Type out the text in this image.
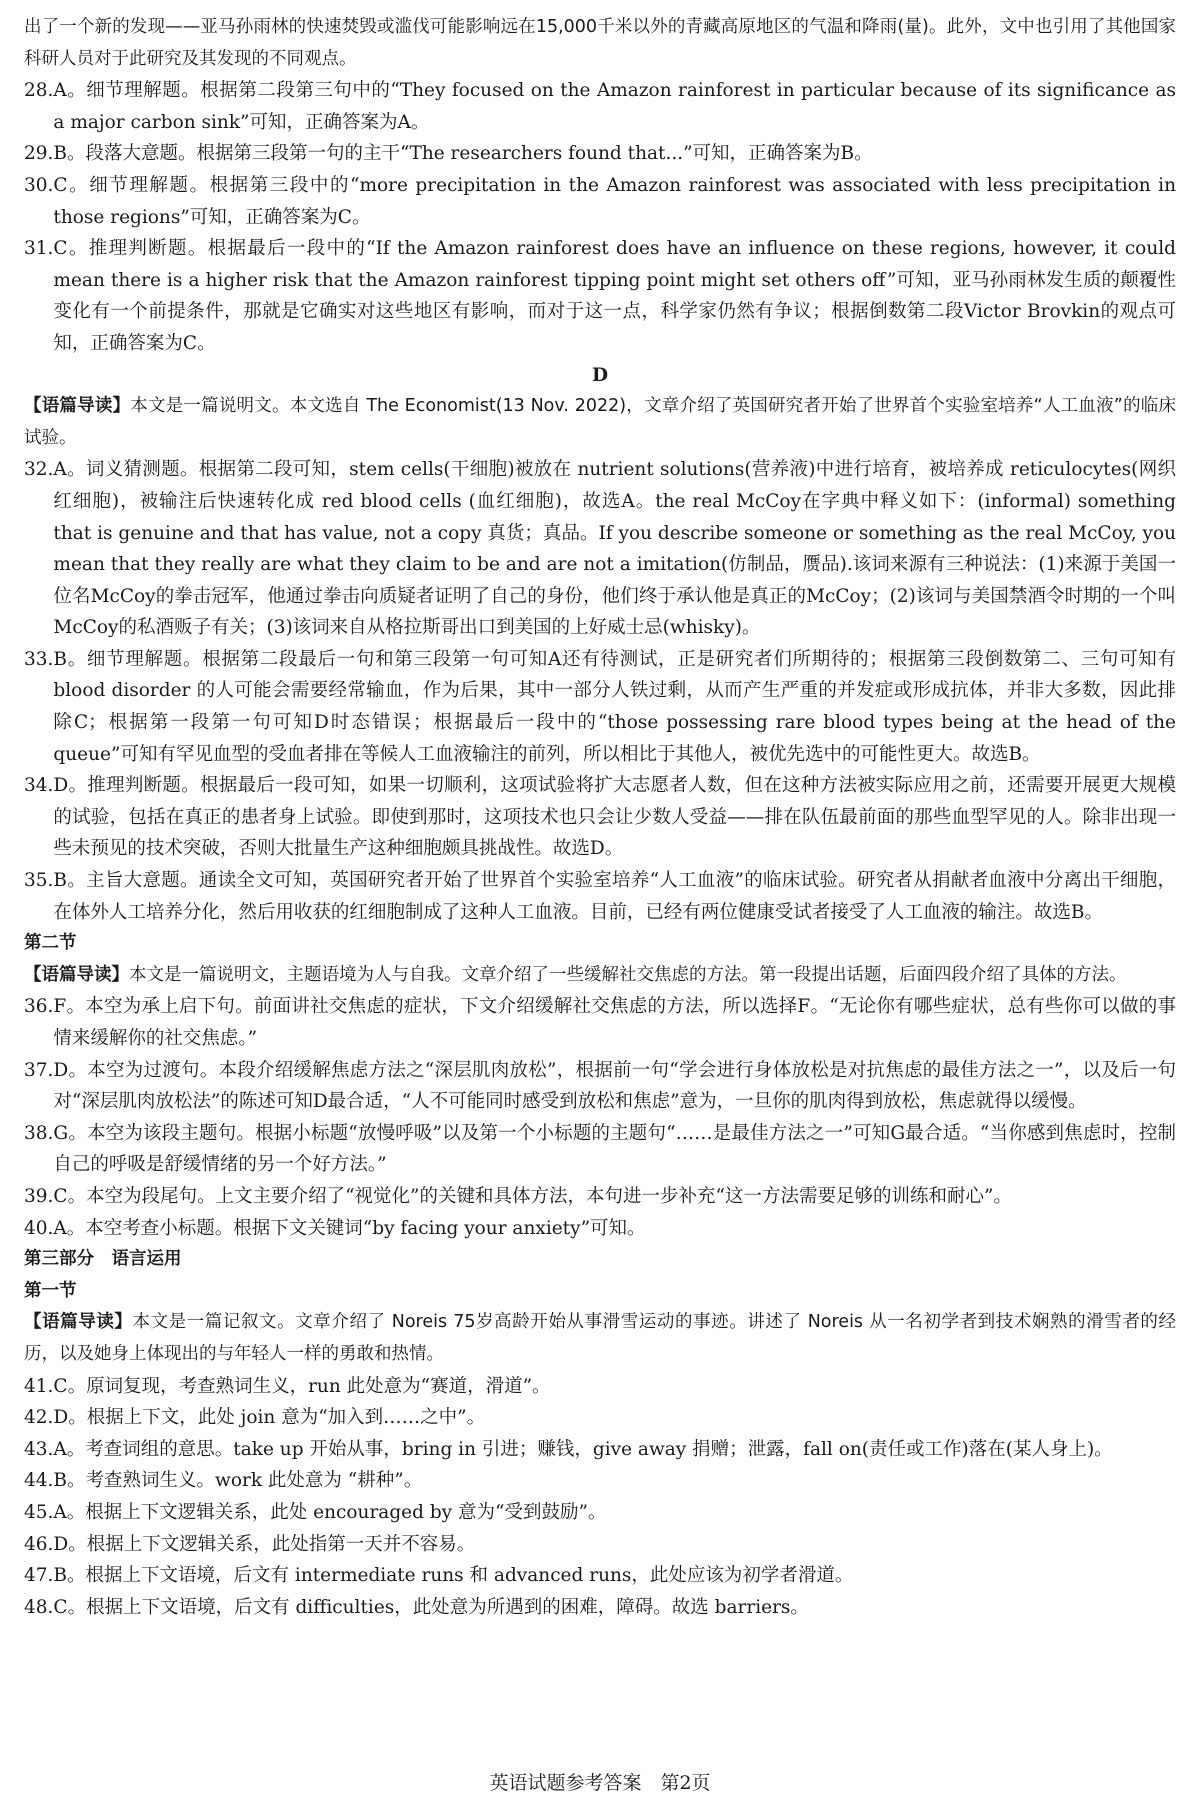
出了一个新的发现——亚马孙雨林的快速焚毁或滥伐可能影响远在15,000千米以外的青藏高原地区的气温和降雨(量)。此外，文中也引用了其他国家科研人员对于此研究及其发现的不同观点。

28. A。细节理解题。根据第二段第三句中的“They focused on the Amazon rainforest in particular because of its significance as a major carbon sink”可知，正确答案为A。
29. B。段落大意题。根据第三段第一句的主干“The researchers found that...”可知，正确答案为B。
30. C。细节理解题。根据第三段中的“more precipitation in the Amazon rainforest was associated with less precipitation in those regions”可知，正确答案为C。
31. C。推理判断题。根据最后一段中的“If the Amazon rainforest does have an influence on these regions, however, it could mean there is a higher risk that the Amazon rainforest tipping point might set others off”可知，亚马孙雨林发生质的颠覆性变化有一个前提条件，那就是它确实对这些地区有影响，而对于这一点，科学家仍然有争议；根据倒数第二段Victor Brovkin的观点可知，正确答案为C。

D

【语篇导读】本文是一篇说明文。本文选自 The Economist(13 Nov. 2022)，文章介绍了英国研究者开始了世界首个实验室培养“人工血液”的临床试验。

32. A。词义猜测题。根据第二段可知，stem cells(干细胞)被放在 nutrient solutions(营养液)中进行培育，被培养成 reticulocytes(网织红细胞)，被输注后快速转化成 red blood cells (血红细胞)，故选A。the real McCoy在字典中释义如下：(informal) something that is genuine and that has value, not a copy 真货；真品。If you describe someone or something as the real McCoy, you mean that they really are what they claim to be and are not a imitation(仿制品，赝品).该词来源有三种说法：(1)来源于美国一位名McCoy的拳击冠军，他通过拳击向质疑者证明了自己的身份，他们终于承认他是真正的McCoy；(2)该词与美国禁酒令时期的一个叫McCoy的私酒贩子有关；(3)该词来自从格拉斯哥出口到美国的上好威士忌(whisky)。
33. B。细节理解题。根据第二段最后一句和第三段第一句可知A还有待测试，正是研究者们所期待的；根据第三段倒数第二、三句可知有 blood disorder 的人可能会需要经常输血，作为后果，其中一部分人铁过剩，从而产生严重的并发症或形成抗体，并非大多数，因此排除C；根据第一段第一句可知D时态错误；根据最后一段中的“those possessing rare blood types being at the head of the queue”可知有罕见血型的受血者排在等候人工血液输注的前列，所以相比于其他人，被优先选中的可能性更大。故选B。
34. D。推理判断题。根据最后一段可知，如果一切顺利，这项试验将扩大志愿者人数，但在这种方法被实际应用之前，还需要开展更大规模的试验，包括在真正的患者身上试验。即使到那时，这项技术也只会让少数人受益——排在队伍最前面的那些血型罕见的人。除非出现一些未预见的技术突破，否则大批量生产这种细胞颇具挑战性。故选D。
35. B。主旨大意题。通读全文可知，英国研究者开始了世界首个实验室培养“人工血液”的临床试验。研究者从捐献者血液中分离出干细胞，在体外人工培养分化，然后用收获的红细胞制成了这种人工血液。目前，已经有两位健康受试者接受了人工血液的输注。故选B。

第二节

【语篇导读】本文是一篇说明文，主题语境为人与自我。文章介绍了一些缓解社交焦虑的方法。第一段提出话题，后面四段介绍了具体的方法。

36. F。本空为承上启下句。前面讲社交焦虑的症状，下文介绍缓解社交焦虑的方法，所以选择F。“无论你有哪些症状，总有些你可以做的事情来缓解你的社交焦虑。”
37. D。本空为过渡句。本段介绍缓解焦虑方法之“深层肌肉放松”，根据前一句“学会进行身体放松是对抗焦虑的最佳方法之一”，以及后一句对“深层肌肉放松法”的陈述可知D最合适，“人不可能同时感受到放松和焦虑”意为，一旦你的肌肉得到放松，焦虑就得以缓慢。
38. G。本空为该段主题句。根据小标题“放慢呼吸”以及第一个小标题的主题句“……是最佳方法之一”可知G最合适。“当你感到焦虑时，控制自己的呼吸是舒缓情绪的另一个好方法。”
39. C。本空为段尾句。上文主要介绍了“视觉化”的关键和具体方法，本句进一步补充“这一方法需要足够的训练和耐心”。
40. A。本空考查小标题。根据下文关键词“by facing your anxiety”可知。

第三部分　语言运用

第一节

【语篇导读】本文是一篇记叙文。文章介绍了 Noreis 75岁高龄开始从事滑雪运动的事迹。讲述了 Noreis 从一名初学者到技术娴熟的滑雪者的经历，以及她身上体现出的与年轻人一样的勇敢和热情。

41. C。原词复现，考查熟词生义，run 此处意为“赛道，滑道”。
42. D。根据上下文，此处 join 意为“加入到……之中”。
43. A。考查词组的意思。take up 开始从事，bring in 引进；赚钱，give away 捐赠；泄露，fall on(责任或工作)落在(某人身上)。
44. B。考查熟词生义。work 此处意为 “耕种”。
45. A。根据上下文逻辑关系，此处 encouraged by 意为“受到鼓励”。
46. D。根据上下文逻辑关系，此处指第一天并不容易。
47. B。根据上下文语境，后文有 intermediate runs 和 advanced runs，此处应该为初学者滑道。
48. C。根据上下文语境，后文有 difficulties，此处意为所遇到的困难，障碍。故选 barriers。
英语试题参考答案　第2页
